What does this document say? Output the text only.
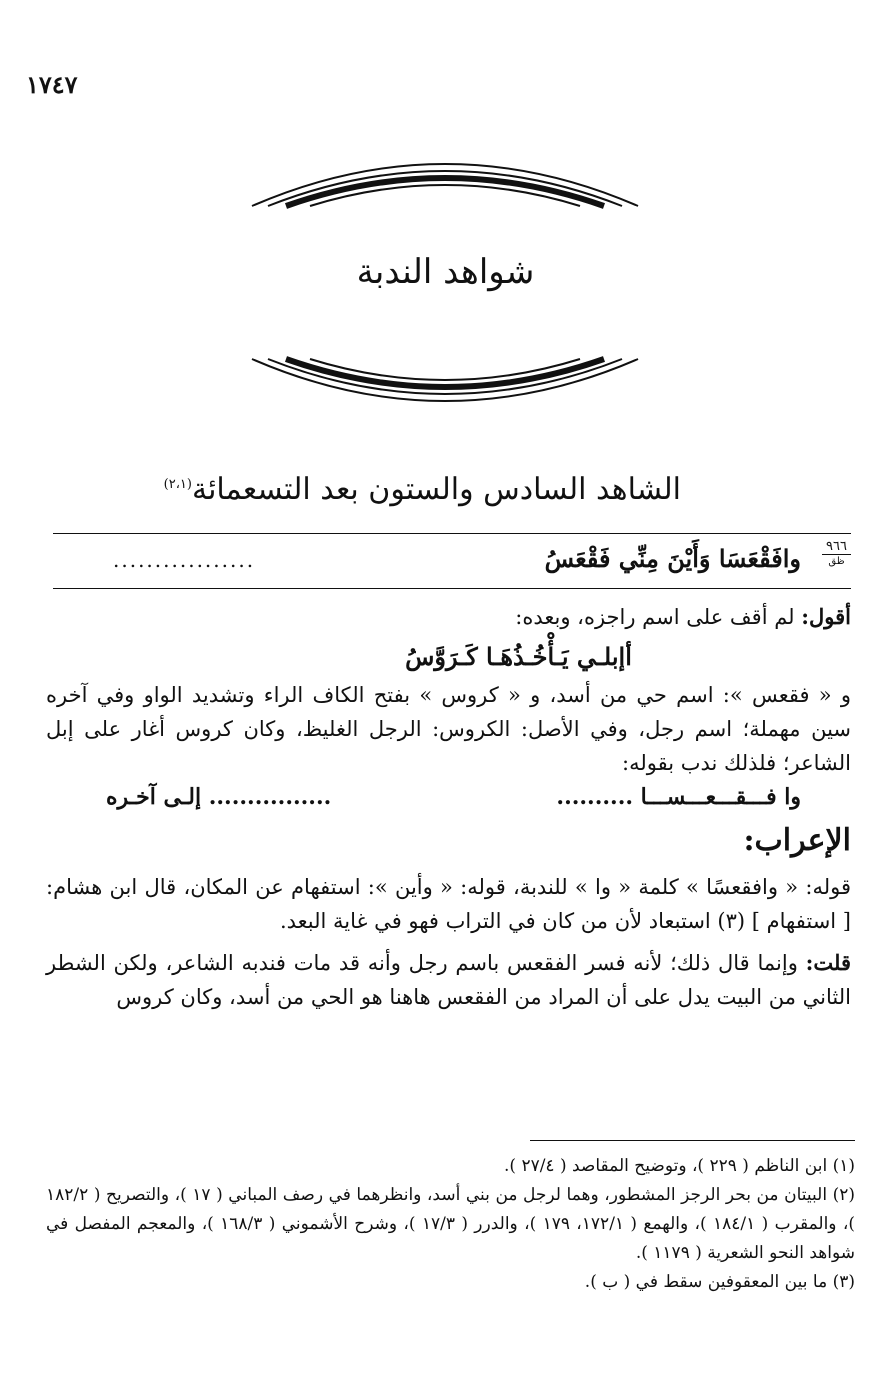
١٧٤٧
شواهد الندبة
الشاهد السادس والستون بعد التسعمائة$^{(٢،١)}$
٩٦٦
ظق
وافَقْعَسَا وَأَيْنَ مِنِّي فَقْعَسُ
.................

أقول: لم أقف على اسم راجزه، وبعده:

أإبلـي يَـأْخُـذُهَـا كَـرَوَّسُ

و « فقعس »: اسم حي من أسد، و « كروس » بفتح الكاف الراء وتشديد الواو وفي آخره سين مهملة؛ اسم رجل، وفي الأصل: الكروس: الرجل الغليظ، وكان كروس أغار على إبل الشاعر؛ فلذلك ندب بقوله:

وا فـــقـــعـــســـا ..........
................ إلـى آخـره
الإعراب:

قوله: « وافقعسًا » كلمة « وا » للندبة، قوله: « وأين »: استفهام عن المكان، قال ابن هشام: [ استفهام ] (٣) استبعاد لأن من كان في التراب فهو في غاية البعد.

قلت: وإنما قال ذلك؛ لأنه فسر الفقعس باسم رجل وأنه قد مات فندبه الشاعر، ولكن الشطر الثاني من البيت يدل على أن المراد من الفقعس هاهنا هو الحي من أسد، وكان كروس

(١) ابن الناظم ( ٢٢٩ )، وتوضيح المقاصد ( ٢٧/٤ ).

(٢) البيتان من بحر الرجز المشطور، وهما لرجل من بني أسد، وانظرهما في رصف المباني ( ١٧ )، والتصريح ( ١٨٢/٢ )، والمقرب ( ١٨٤/١ )، والهمع ( ١٧٢/١، ١٧٩ )، والدرر ( ١٧/٣ )، وشرح الأشموني ( ١٦٨/٣ )، والمعجم المفصل في شواهد النحو الشعرية ( ١١٧٩ ).

(٣) ما بين المعقوفين سقط في ( ب ).
